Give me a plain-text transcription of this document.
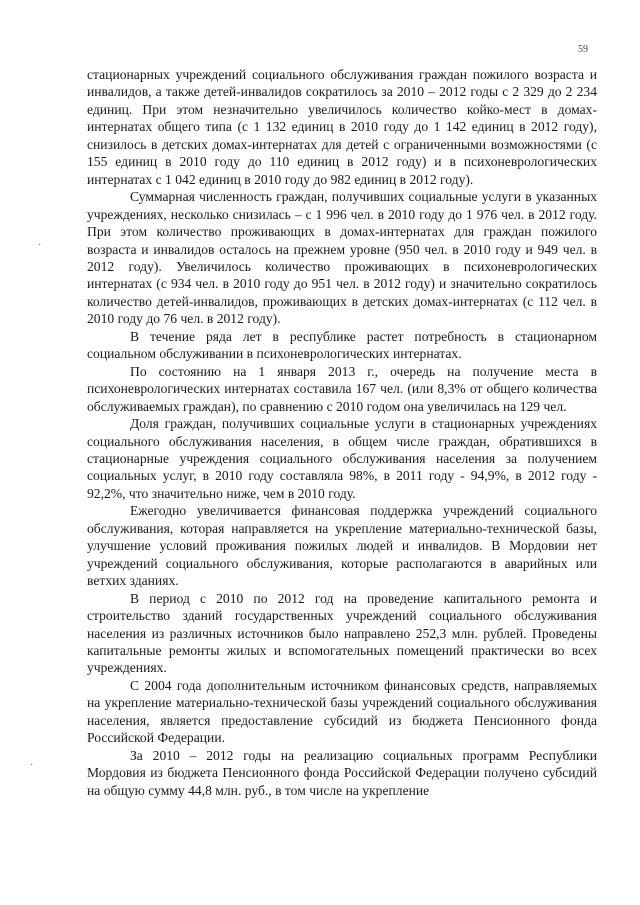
59
·
·

стационарных учреждений социального обслуживания граждан пожилого возраста и инвалидов, а также детей-инвалидов сократилось за 2010 – 2012 годы с 2 329 до 2 234 единиц. При этом незначительно увеличилось количество койко-мест в домах-интернатах общего типа (с 1 132 единиц в 2010 году до 1 142 единиц в 2012 году), снизилось в детских домах-интернатах для детей с ограниченными возможностями (с 155 единиц в 2010 году до 110 единиц в 2012 году) и в психоневрологических интернатах с 1 042 единиц в 2010 году до 982 единиц в 2012 году).

Суммарная численность граждан, получивших социальные услуги в указанных учреждениях, несколько снизилась – с 1 996 чел. в 2010 году до 1 976 чел. в 2012 году. При этом количество проживающих в домах-интернатах для граждан пожилого возраста и инвалидов осталось на прежнем уровне (950 чел. в 2010 году и 949 чел. в 2012 году). Увеличилось количество проживающих в психоневрологических интернатах (с 934 чел. в 2010 году до 951 чел. в 2012 году) и значительно сократилось количество детей-инвалидов, проживающих в детских домах-интернатах (с 112 чел. в 2010 году до 76 чел. в 2012 году).

В течение ряда лет в республике растет потребность в стационарном социальном обслуживании в психоневрологических интернатах.

По состоянию на 1 января 2013 г., очередь на получение места в психоневрологических интернатах составила 167 чел. (или 8,3% от общего количества обслуживаемых граждан), по сравнению с 2010 годом она увеличилась на 129 чел.

Доля граждан, получивших социальные услуги в стационарных учреждениях социального обслуживания населения, в общем числе граждан, обратившихся в стационарные учреждения социального обслуживания населения за получением социальных услуг, в 2010 году составляла 98%, в 2011 году - 94,9%, в 2012 году - 92,2%, что значительно ниже, чем в 2010 году.

Ежегодно увеличивается финансовая поддержка учреждений социального обслуживания, которая направляется на укрепление материально-технической базы, улучшение условий проживания пожилых людей и инвалидов. В Мордовии нет учреждений социального обслуживания, которые располагаются в аварийных или ветхих зданиях.

В период с 2010 по 2012 год на проведение капитального ремонта и строительство зданий государственных учреждений социального обслуживания населения из различных источников было направлено 252,3 млн. рублей. Проведены капитальные ремонты жилых и вспомогательных помещений практически во всех учреждениях.

С 2004 года дополнительным источником финансовых средств, направляемых на укрепление материально-технической базы учреждений социального обслуживания населения, является предоставление субсидий из бюджета Пенсионного фонда Российской Федерации.

За 2010 – 2012 годы на реализацию социальных программ Республики Мордовия из бюджета Пенсионного фонда Российской Федерации получено субсидий на общую сумму 44,8 млн. руб., в том числе на укрепление
